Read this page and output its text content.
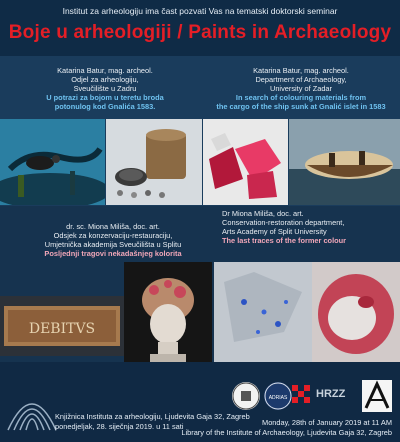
Institut za arheologiju ima čast pozvati Vas na tematski doktorski seminar
Boje u arheologiji / Paints in Archaeology
Katarina Batur, mag. archeol.
Odjel za arheologiju,
Sveučilište u Zadru
U potrazi za bojom u teretu broda
potonulog kod Gnalića 1583.
Katarina Batur, mag. archeol.
Department of Archaeology,
University of Zadar
In search of colouring materials from
the cargo of the ship sunk at Gnalić islet in 1583
dr. sc. Miona Miliša, doc. art.
Odsjek za konzervaciju-restauraciju,
Umjetnička akademija Sveučilišta u Splitu
Posljednji tragovi nekadašnjeg kolorita
Dr Miona Miliša, doc. art.
Conservation-restoration department,
Arts Academy of Split University
The last traces of the former colour
DEBITVS
ADRIAS	HRZZ
Knjižnica Instituta za arheologiju, Ljudevita Gaja 32, Zagreb
ponedjeljak, 28. siječnja 2019. u 11 sati	Monday, 28th of January 2019 at 11 AM
Library of the Institute of Archaeology, Ljudevita Gaja 32, Zagreb
